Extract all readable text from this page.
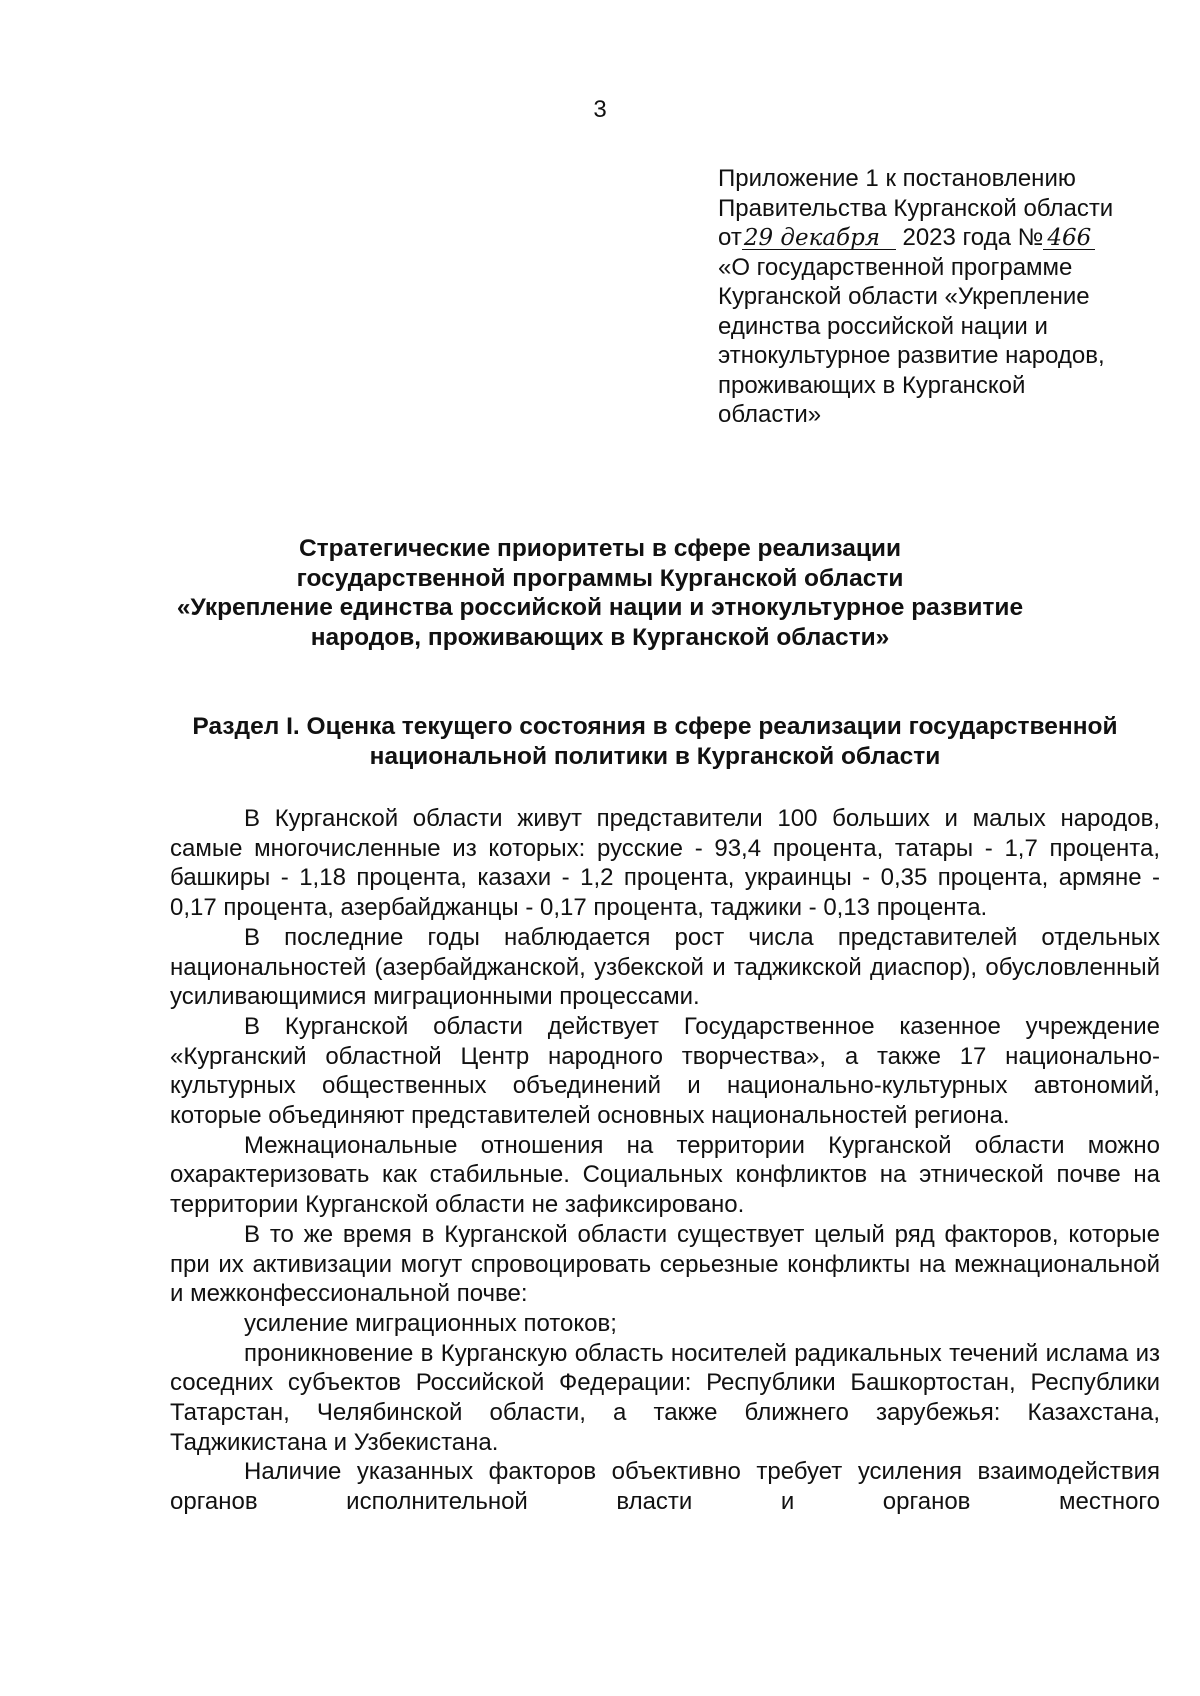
3
Приложение 1 к постановлению
Правительства Курганской области
от29 декабря 2023 года № 466
«О государственной программе
Курганской области «Укрепление
единства российской нации и
этнокультурное развитие народов,
проживающих в Курганской
области»
Стратегические приоритеты в сфере реализации
государственной программы Курганской области
«Укрепление единства российской нации и этнокультурное развитие
народов, проживающих в Курганской области»
Раздел I. Оценка текущего состояния в сфере реализации государственной
национальной политики в Курганской области

В Курганской области живут представители 100 больших и малых народов, самые многочисленные из которых: русские - 93,4 процента, татары - 1,7 процента, башкиры - 1,18 процента, казахи - 1,2 процента, украинцы - 0,35 процента, армяне - 0,17 процента, азербайджанцы - 0,17 процента, таджики - 0,13 процента.

В последние годы наблюдается рост числа представителей отдельных национальностей (азербайджанской, узбекской и таджикской диаспор), обусловленный усиливающимися миграционными процессами.

В Курганской области действует Государственное казенное учреждение «Курганский областной Центр народного творчества», а также 17 национально-культурных общественных объединений и национально-культурных автономий, которые объединяют представителей основных национальностей региона.

Межнациональные отношения на территории Курганской области можно охарактеризовать как стабильные. Социальных конфликтов на этнической почве на территории Курганской области не зафиксировано.

В то же время в Курганской области существует целый ряд факторов, которые при их активизации могут спровоцировать серьезные конфликты на межнациональной и межконфессиональной почве:

усиление миграционных потоков;

проникновение в Курганскую область носителей радикальных течений ислама из соседних субъектов Российской Федерации: Республики Башкортостан, Республики Татарстан, Челябинской области, а также ближнего зарубежья: Казахстана, Таджикистана и Узбекистана.

Наличие указанных факторов объективно требует усиления взаимодействия органов исполнительной власти и органов местного
